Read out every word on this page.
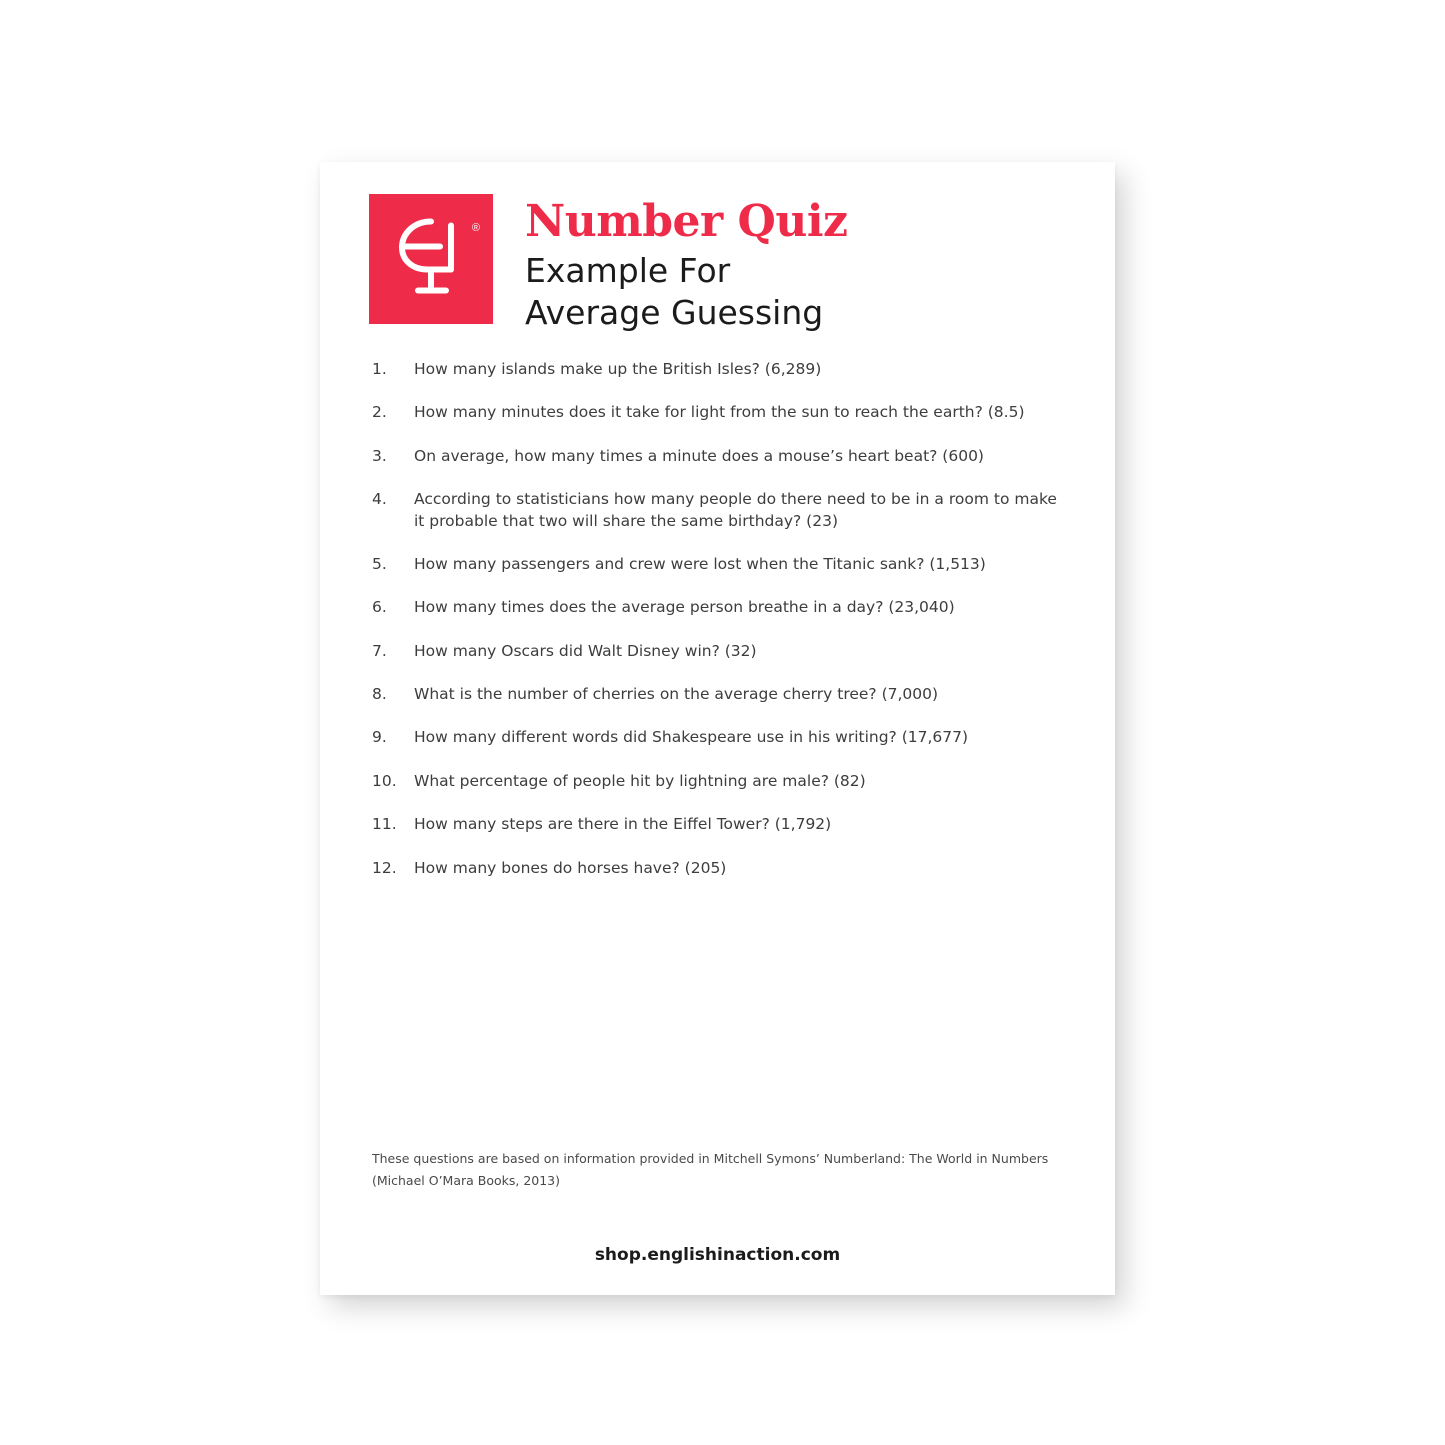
® Number Quiz
Example For
Average Guessing
1.	How many islands make up the British Isles? (6,289)
2.	How many minutes does it take for light from the sun to reach the earth? (8.5)
3.	On average, how many times a minute does a mouse’s heart beat? (600)
4.	According to statisticians how many people do there need to be in a room to make it probable that two will share the same birthday? (23)
5.	How many passengers and crew were lost when the Titanic sank? (1,513)
6.	How many times does the average person breathe in a day? (23,040)
7.	How many Oscars did Walt Disney win? (32)
8.	What is the number of cherries on the average cherry tree? (7,000)
9.	How many different words did Shakespeare use in his writing? (17,677)
10.	What percentage of people hit by lightning are male? (82)
11.	How many steps are there in the Eiffel Tower? (1,792)
12.	How many bones do horses have? (205)
These questions are based on information provided in Mitchell Symons’ Numberland: The World in Numbers
(Michael O’Mara Books, 2013)
shop.englishinaction.com
